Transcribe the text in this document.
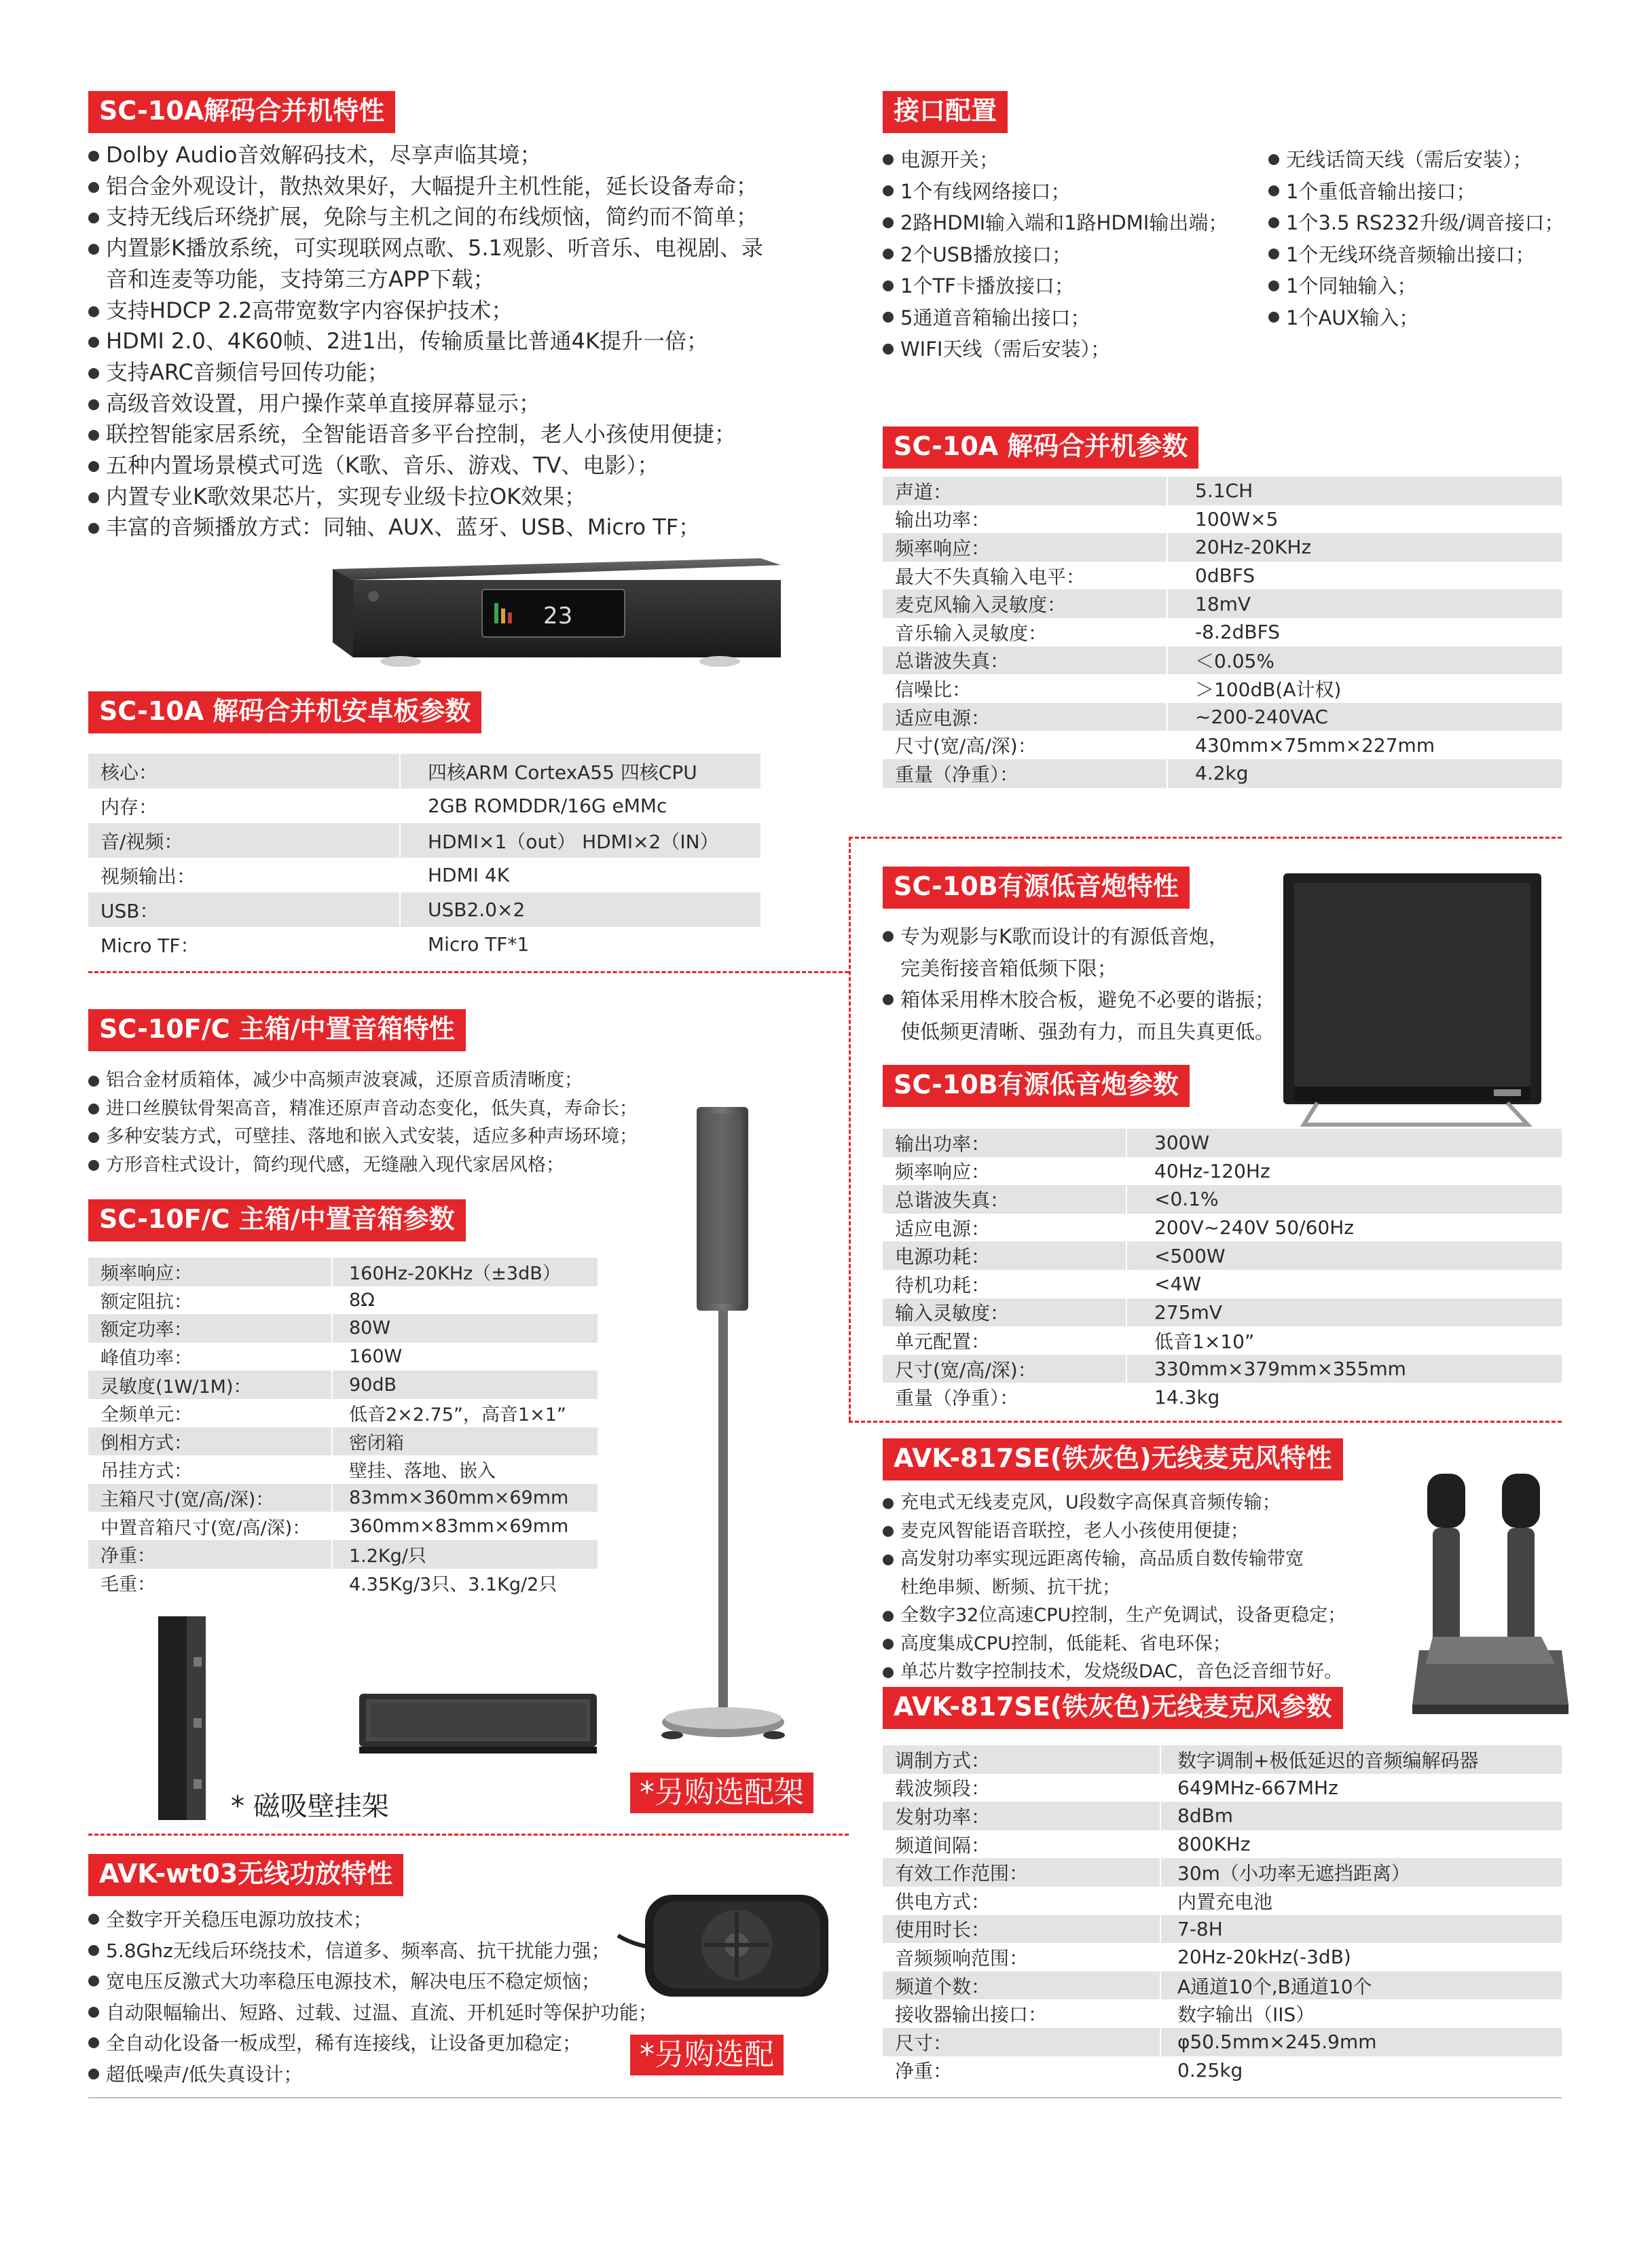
SC-10A解码合并机特性
Dolby Audio音效解码技术，尽享声临其境；
铝合金外观设计，散热效果好，大幅提升主机性能，延长设备寿命；
支持无线后环绕扩展，免除与主机之间的布线烦恼，简约而不简单；
内置影K播放系统，可实现联网点歌、5.1观影、听音乐、电视剧、录
音和连麦等功能，支持第三方APP下载；
支持HDCP 2.2高带宽数字内容保护技术；
HDMI 2.0、4K60帧、2进1出，传输质量比普通4K提升一倍；
支持ARC音频信号回传功能；
高级音效设置，用户操作菜单直接屏幕显示；
联控智能家居系统，全智能语音多平台控制，老人小孩使用便捷；
五种内置场景模式可选（K歌、音乐、游戏、TV、电影）；
内置专业K歌效果芯片，实现专业级卡拉OK效果；
丰富的音频播放方式：同轴、AUX、蓝牙、USB、Micro TF；
23
SC-10A 解码合并机安卓板参数
核心：	四核ARM CortexA55 四核CPU
内存：	2GB ROMDDR/16G eMMc
音/视频：	HDMI×1（out） HDMI×2（IN）
视频输出：	HDMI 4K
USB：	USB2.0×2
Micro TF：	Micro TF*1
SC-10F/C 主箱/中置音箱特性
铝合金材质箱体，减少中高频声波衰减，还原音质清晰度；
进口丝膜钛骨架高音，精准还原声音动态变化，低失真，寿命长；
多种安装方式，可壁挂、落地和嵌入式安装，适应多种声场环境；
方形音柱式设计，简约现代感，无缝融入现代家居风格；
SC-10F/C 主箱/中置音箱参数
频率响应：	160Hz-20KHz（±3dB）
额定阻抗：	8Ω
额定功率：	80W
峰值功率：	160W
灵敏度(1W/1M)：	90dB
全频单元：	低音2×2.75”，高音1×1”
倒相方式：	密闭箱
吊挂方式：	壁挂、落地、嵌入
主箱尺寸(宽/高/深)：	83mm×360mm×69mm
中置音箱尺寸(宽/高/深)：	360mm×83mm×69mm
净重：	1.2Kg/只
毛重：	4.35Kg/3只、3.1Kg/2只
* 磁吸壁挂架	*另购选配架
AVK-wt03无线功放特性
全数字开关稳压电源功放技术；
5.8Ghz无线后环绕技术，信道多、频率高、抗干扰能力强；
宽电压反激式大功率稳压电源技术，解决电压不稳定烦恼；
自动限幅输出、短路、过载、过温、直流、开机延时等保护功能；
全自动化设备一板成型，稀有连接线，让设备更加稳定；
超低噪声/低失真设计；
*另购选配
接口配置
电源开关；
1个有线网络接口；
2路HDMI输入端和1路HDMI输出端；
2个USB播放接口；
1个TF卡播放接口；
5通道音箱输出接口；
WIFI天线（需后安装）；
无线话筒天线（需后安装）；
1个重低音输出接口；
1个3.5 RS232升级/调音接口；
1个无线环绕音频输出接口；
1个同轴输入；
1个AUX输入；
SC-10A 解码合并机参数
声道：	5.1CH
输出功率：	100W×5
频率响应：	20Hz-20KHz
最大不失真输入电平：	0dBFS
麦克风输入灵敏度：	18mV
音乐输入灵敏度：	-8.2dBFS
总谐波失真：	＜0.05%
信噪比：	＞100dB(A计权)
适应电源：	~200-240VAC
尺寸(宽/高/深)：	430mm×75mm×227mm
重量（净重）：	4.2kg
SC-10B有源低音炮特性
专为观影与K歌而设计的有源低音炮，
完美衔接音箱低频下限；
箱体采用桦木胶合板，避免不必要的谐振；
使低频更清晰、强劲有力，而且失真更低。
SC-10B有源低音炮参数
输出功率：	300W
频率响应：	40Hz-120Hz
总谐波失真：	<0.1%
适应电源：	200V~240V 50/60Hz
电源功耗：	<500W
待机功耗：	<4W
输入灵敏度：	275mV
单元配置：	低音1×10”
尺寸(宽/高/深)：	330mm×379mm×355mm
重量（净重）：	14.3kg
AVK-817SE(铁灰色)无线麦克风特性
充电式无线麦克风，U段数字高保真音频传输；
麦克风智能语音联控，老人小孩使用便捷；
高发射功率实现远距离传输，高品质自数传输带宽
杜绝串频、断频、抗干扰；
全数字32位高速CPU控制，生产免调试，设备更稳定；
高度集成CPU控制，低能耗、省电环保；
单芯片数字控制技术，发烧级DAC，音色泛音细节好。
AVK-817SE(铁灰色)无线麦克风参数
调制方式：	数字调制+极低延迟的音频编解码器
载波频段：	649MHz-667MHz
发射功率：	8dBm
频道间隔：	800KHz
有效工作范围：	30m（小功率无遮挡距离）
供电方式：	内置充电池
使用时长：	7-8H
音频频响范围：	20Hz-20kHz(-3dB)
频道个数：	A通道10个,B通道10个
接收器输出接口：	数字输出（IIS）
尺寸：	φ50.5mm×245.9mm
净重：	0.25kg
